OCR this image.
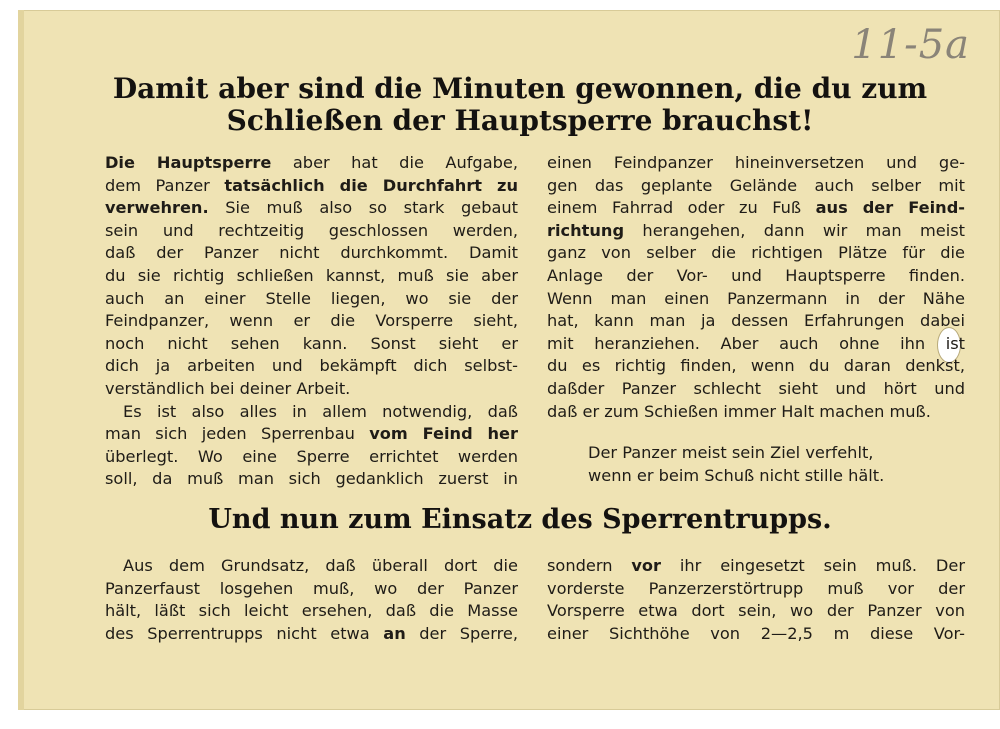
11-5a
Damit aber sind die Minuten gewonnen, die du zum
Schließen der Hauptsperre brauchst!
Die Hauptsperre aber hat die Aufgabe,
dem Panzer tatsächlich die Durchfahrt zu
verwehren. Sie muß also so stark gebaut
sein und rechtzeitig geschlossen werden,
daß der Panzer nicht durchkommt. Damit
du sie richtig schließen kannst, muß sie aber
auch an einer Stelle liegen, wo sie der
Feindpanzer, wenn er die Vorsperre sieht,
noch nicht sehen kann. Sonst sieht er
dich ja arbeiten und bekämpft dich selbst-
verständlich bei deiner Arbeit.
Es ist also alles in allem notwendig, daß
man sich jeden Sperrenbau vom Feind her
überlegt. Wo eine Sperre errichtet werden
soll, da muß man sich gedanklich zuerst in
einen Feindpanzer hineinversetzen und ge-
gen das geplante Gelände auch selber mit
einem Fahrrad oder zu Fuß aus der Feind-
richtung herangehen, dann wir man meist
ganz von selber die richtigen Plätze für die
Anlage der Vor- und Hauptsperre finden.
Wenn man einen Panzermann in der Nähe
hat, kann man ja dessen Erfahrungen dabei
mit heranziehen. Aber auch ohne ihn ist
du es richtig finden, wenn du daran denkst,
daßder Panzer schlecht sieht und hört und
daß er zum Schießen immer Halt machen muß.
Der Panzer meist sein Ziel verfehlt,
wenn er beim Schuß nicht stille hält.
Und nun zum Einsatz des Sperrentrupps.
Aus dem Grundsatz, daß überall dort die
Panzerfaust losgehen muß, wo der Panzer
hält, läßt sich leicht ersehen, daß die Masse
des Sperrentrupps nicht etwa an der Sperre,
sondern vor ihr eingesetzt sein muß. Der
vorderste Panzerzerstörtrupp muß vor der
Vorsperre etwa dort sein, wo der Panzer von
einer Sichthöhe von 2—2,5 m diese Vor-
